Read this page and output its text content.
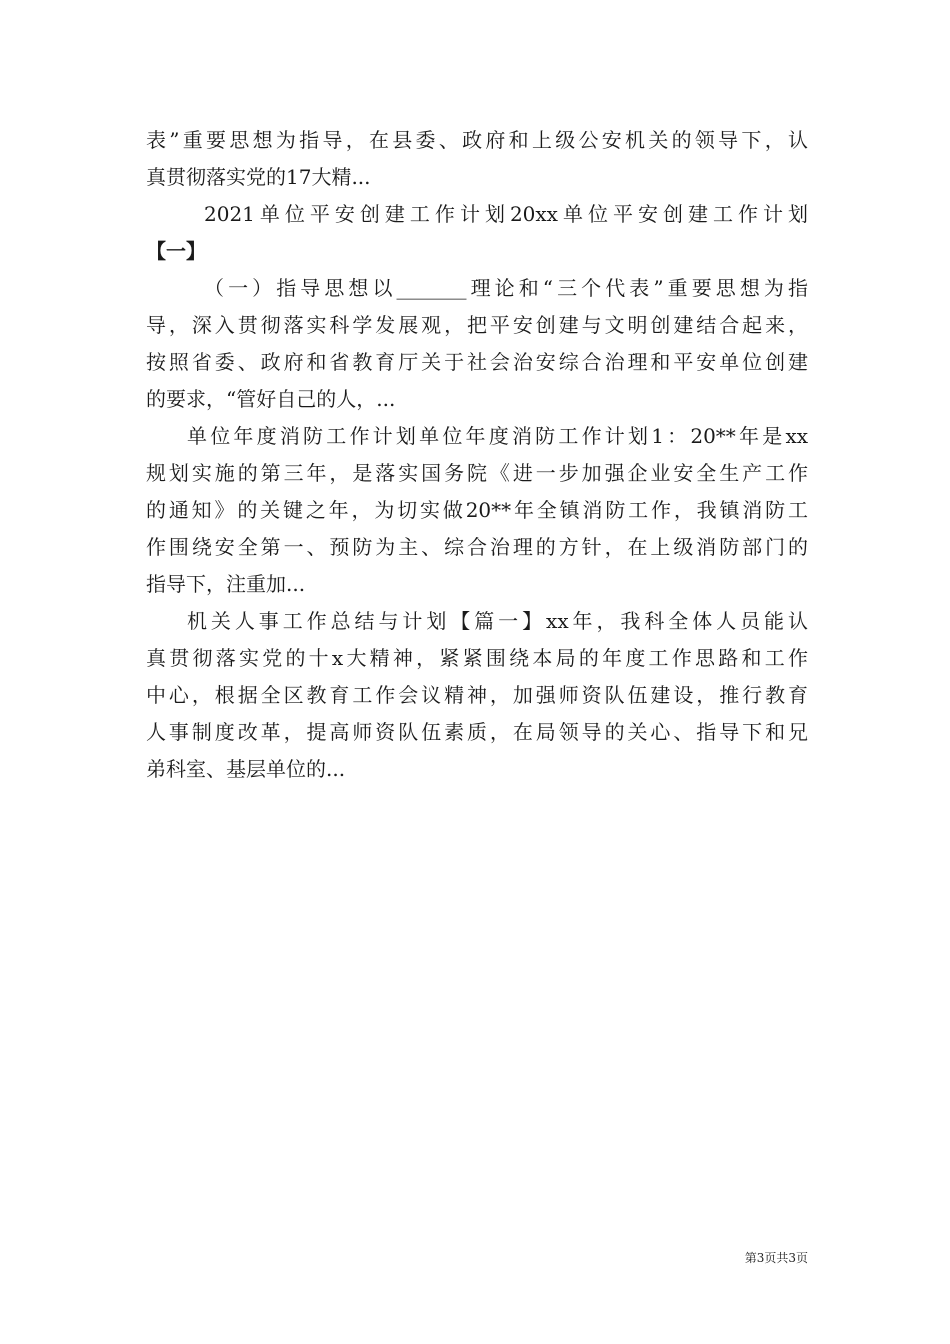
表”重要思想为指导，在县委、政府和上级公安机关的领导下，认
真贯彻落实党的17大精...
2021单位平安创建工作计划20xx单位平安创建工作计划
【一】
（一）指导思想以_______理论和“三个代表”重要思想为指
导，深入贯彻落实科学发展观，把平安创建与文明创建结合起来，
按照省委、政府和省教育厅关于社会治安综合治理和平安单位创建
的要求，“管好自己的人，...
单位年度消防工作计划单位年度消防工作计划1：20**年是xx
规划实施的第三年，是落实国务院《进一步加强企业安全生产工作
的通知》的关键之年，为切实做20**年全镇消防工作，我镇消防工
作围绕安全第一、预防为主、综合治理的方针，在上级消防部门的
指导下，注重加...
机关人事工作总结与计划【篇一】xx年，我科全体人员能认
真贯彻落实党的十x大精神，紧紧围绕本局的年度工作思路和工作
中心，根据全区教育工作会议精神，加强师资队伍建设，推行教育
人事制度改革，提高师资队伍素质，在局领导的关心、指导下和兄
弟科室、基层单位的...
第3页共3页
